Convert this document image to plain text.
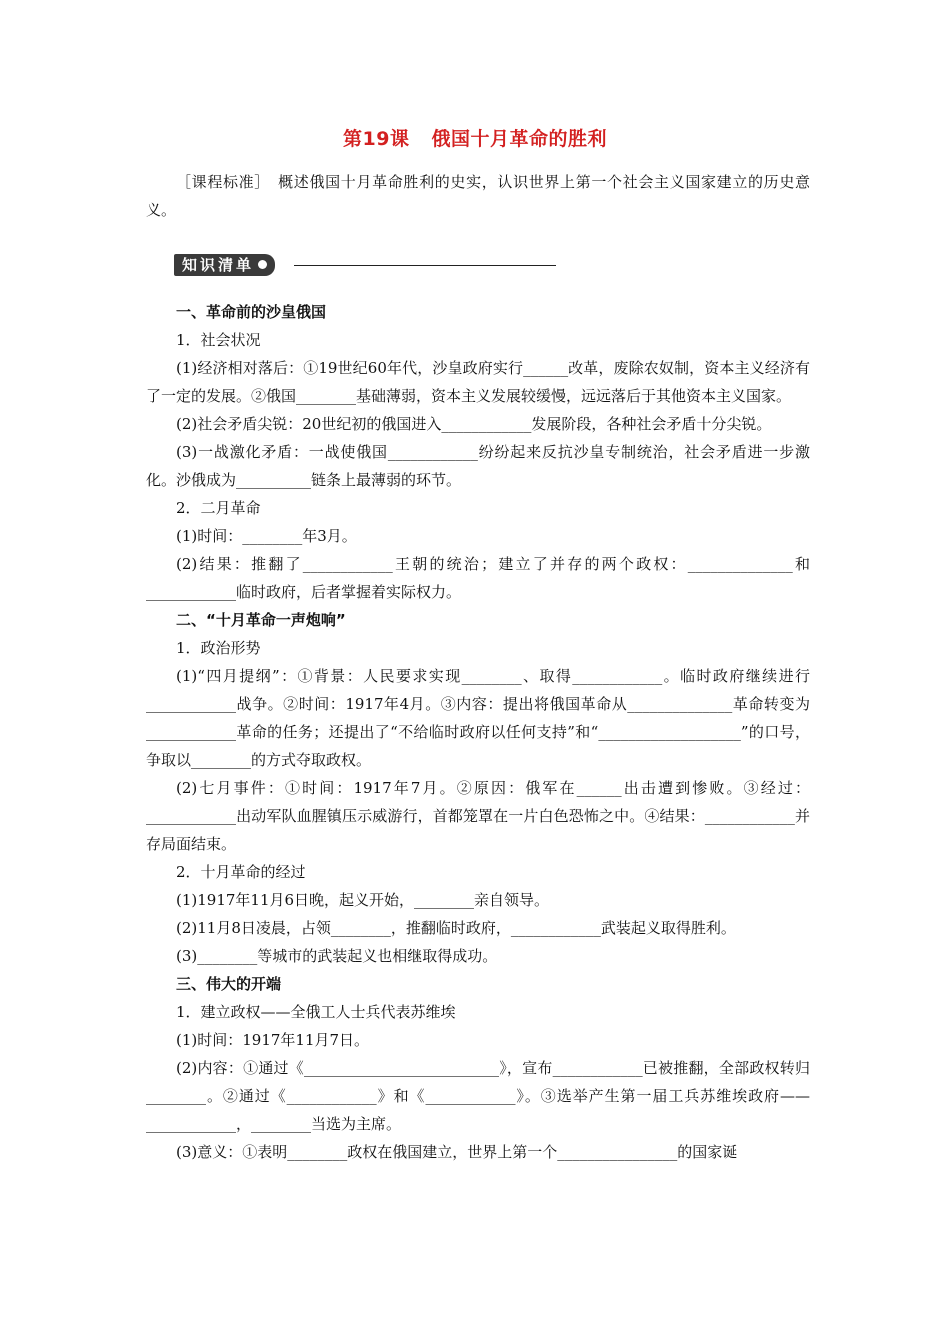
第19课 俄国十月革命的胜利

［课程标准］　概述俄国十月革命胜利的史实，认识世界上第一个社会主义国家建立的历史意义。

知识清单
一、革命前的沙皇俄国

1．社会状况

(1)经济相对落后：①19世纪60年代，沙皇政府实行______改革，废除农奴制，资本主义经济有了一定的发展。②俄国________基础薄弱，资本主义发展较缓慢，远远落后于其他资本主义国家。

(2)社会矛盾尖锐：20世纪初的俄国进入____________发展阶段，各种社会矛盾十分尖锐。

(3)一战激化矛盾：一战使俄国____________纷纷起来反抗沙皇专制统治，社会矛盾进一步激化。沙俄成为__________链条上最薄弱的环节。

2．二月革命

(1)时间：________年3月。

(2)结果：推翻了____________王朝的统治；建立了并存的两个政权：______________和____________临时政府，后者掌握着实际权力。

二、“十月革命一声炮响”

1．政治形势

(1)“四月提纲”：①背景：人民要求实现________、取得____________。临时政府继续进行____________战争。②时间：1917年4月。③内容：提出将俄国革命从______________革命转变为____________革命的任务；还提出了“不给临时政府以任何支持”和“___________________”的口号，争取以________的方式夺取政权。

(2)七月事件：①时间：1917年7月。②原因：俄军在______出击遭到惨败。③经过：____________出动军队血腥镇压示威游行，首都笼罩在一片白色恐怖之中。④结果：____________并存局面结束。

2．十月革命的经过

(1)1917年11月6日晚，起义开始，________亲自领导。

(2)11月8日凌晨，占领________，推翻临时政府，____________武装起义取得胜利。

(3)________等城市的武装起义也相继取得成功。

三、伟大的开端

1．建立政权——全俄工人士兵代表苏维埃

(1)时间：1917年11月7日。

(2)内容：①通过《__________________________》，宣布____________已被推翻，全部政权转归________。②通过《____________》和《____________》。③选举产生第一届工兵苏维埃政府——____________，________当选为主席。

(3)意义：①表明________政权在俄国建立，世界上第一个________________的国家诞
